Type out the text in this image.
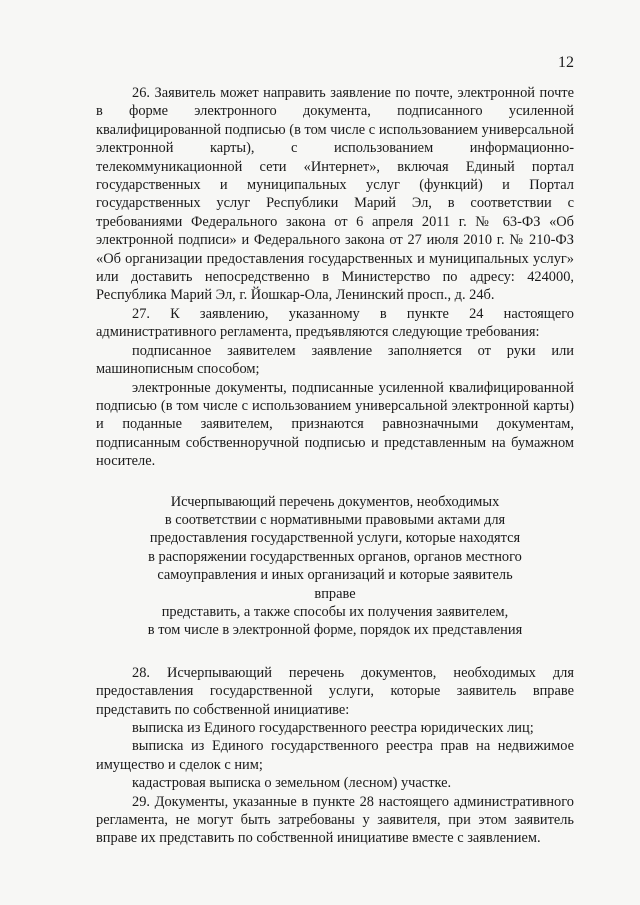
12

26. Заявитель может направить заявление по почте, электронной почте в форме электронного документа, подписанного усиленной квалифицированной подписью (в том числе с использованием универсальной электронной карты), с использованием информационно-телекоммуникационной сети «Интернет», включая Единый портал государственных и муниципальных услуг (функций) и Портал государственных услуг Республики Марий Эл, в соответствии с требованиями Федерального закона от 6 апреля 2011 г. № 63-ФЗ «Об электронной подписи» и Федерального закона от 27 июля 2010 г. № 210-ФЗ «Об организации предоставления государственных и муниципальных услуг» или доставить непосредственно в Министерство по адресу: 424000, Республика Марий Эл, г. Йошкар-Ола, Ленинский просп., д. 24б.

27. К заявлению, указанному в пункте 24 настоящего административного регламента, предъявляются следующие требования:

подписанное заявителем заявление заполняется от руки или машинописным способом;

электронные документы, подписанные усиленной квалифицированной подписью (в том числе с использованием универсальной электронной карты) и поданные заявителем, признаются равнозначными документам, подписанным собственноручной подписью и представленным на бумажном носителе.

Исчерпывающий перечень документов, необходимых
в соответствии с нормативными правовыми актами для
предоставления государственной услуги, которые находятся
в распоряжении государственных органов, органов местного
самоуправления и иных организаций и которые заявитель вправе
представить, а также способы их получения заявителем,
в том числе в электронной форме, порядок их представления

28. Исчерпывающий перечень документов, необходимых для предоставления государственной услуги, которые заявитель вправе представить по собственной инициативе:

выписка из Единого государственного реестра юридических лиц;

выписка из Единого государственного реестра прав на недвижимое имущество и сделок с ним;

кадастровая выписка о земельном (лесном) участке.

29. Документы, указанные в пункте 28 настоящего административного регламента, не могут быть затребованы у заявителя, при этом заявитель вправе их представить по собственной инициативе вместе с заявлением.
